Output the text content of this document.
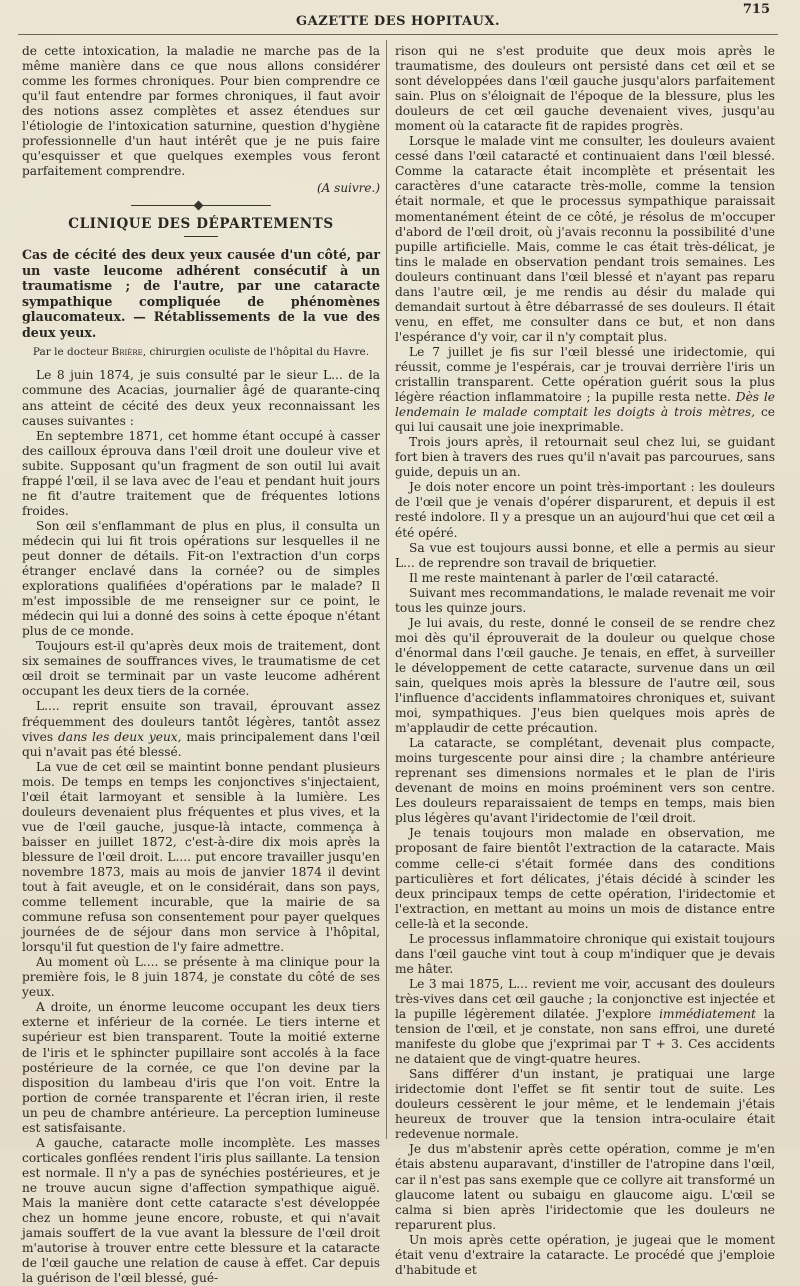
GAZETTE DES HOPITAUX.
715

de cette intoxication, la maladie ne marche pas de la même manière dans ce que nous allons considérer comme les formes chroniques. Pour bien comprendre ce qu'il faut entendre par formes chroniques, il faut avoir des notions assez complètes et assez étendues sur l'étiologie de l'intoxication saturnine, question d'hygiène professionnelle d'un haut intérêt que je ne puis faire qu'esquisser et que quelques exemples vous feront parfaitement comprendre.

(A suivre.)
CLINIQUE DES DÉPARTEMENTS
Cas de cécité des deux yeux causée d'un côté, par un vaste leucome adhérent consécutif à un traumatisme ; de l'autre, par une cataracte sympathique compliquée de phénomènes glaucomateux. — Rétablissements de la vue des deux yeux.
Par le docteur Brière, chirurgien oculiste de l'hôpital du Havre.

Le 8 juin 1874, je suis consulté par le sieur L... de la commune des Acacias, journalier âgé de quarante-cinq ans atteint de cécité des deux yeux reconnaissant les causes suivantes :

En septembre 1871, cet homme étant occupé à casser des cailloux éprouva dans l'œil droit une douleur vive et subite. Supposant qu'un fragment de son outil lui avait frappé l'œil, il se lava avec de l'eau et pendant huit jours ne fit d'autre traitement que de fréquentes lotions froides.

Son œil s'enflammant de plus en plus, il consulta un médecin qui lui fit trois opérations sur lesquelles il ne peut donner de détails. Fit-on l'extraction d'un corps étranger enclavé dans la cornée? ou de simples explorations qualifiées d'opérations par le malade? Il m'est impossible de me renseigner sur ce point, le médecin qui lui a donné des soins à cette époque n'étant plus de ce monde.

Toujours est-il qu'après deux mois de traitement, dont six semaines de souffrances vives, le traumatisme de cet œil droit se terminait par un vaste leucome adhérent occupant les deux tiers de la cornée.

L.... reprit ensuite son travail, éprouvant assez fréquemment des douleurs tantôt légères, tantôt assez vives dans les deux yeux, mais principalement dans l'œil qui n'avait pas été blessé.

La vue de cet œil se maintint bonne pendant plusieurs mois. De temps en temps les conjonctives s'injectaient, l'œil était larmoyant et sensible à la lumière. Les douleurs devenaient plus fréquentes et plus vives, et la vue de l'œil gauche, jusque-là intacte, commença à baisser en juillet 1872, c'est-à-dire dix mois après la blessure de l'œil droit. L.... put encore travailler jusqu'en novembre 1873, mais au mois de janvier 1874 il devint tout à fait aveugle, et on le considérait, dans son pays, comme tellement incurable, que la mairie de sa commune refusa son consentement pour payer quelques journées de de séjour dans mon service à l'hôpital, lorsqu'il fut question de l'y faire admettre.

Au moment où L.... se présente à ma clinique pour la première fois, le 8 juin 1874, je constate du côté de ses yeux.

A droite, un énorme leucome occupant les deux tiers externe et inférieur de la cornée. Le tiers interne et supérieur est bien transparent. Toute la moitié externe de l'iris et le sphincter pupillaire sont accolés à la face postérieure de la cornée, ce que l'on devine par la disposition du lambeau d'iris que l'on voit. Entre la portion de cornée transparente et l'écran irien, il reste un peu de chambre antérieure. La perception lumineuse est satisfaisante.

A gauche, cataracte molle incomplète. Les masses corticales gonflées rendent l'iris plus saillante. La tension est normale. Il n'y a pas de synéchies postérieures, et je ne trouve aucun signe d'affection sympathique aiguë. Mais la manière dont cette cataracte s'est développée chez un homme jeune encore, robuste, et qui n'avait jamais souffert de la vue avant la blessure de l'œil droit m'autorise à trouver entre cette blessure et la cataracte de l'œil gauche une relation de cause à effet. Car depuis la guérison de l'œil blessé, gué-

rison qui ne s'est produite que deux mois après le traumatisme, des douleurs ont persisté dans cet œil et se sont développées dans l'œil gauche jusqu'alors parfaitement sain. Plus on s'éloignait de l'époque de la blessure, plus les douleurs de cet œil gauche devenaient vives, jusqu'au moment où la cataracte fit de rapides progrès.

Lorsque le malade vint me consulter, les douleurs avaient cessé dans l'œil cataracté et continuaient dans l'œil blessé. Comme la cataracte était incomplète et présentait les caractères d'une cataracte très-molle, comme la tension était normale, et que le processus sympathique paraissait momentanément éteint de ce côté, je résolus de m'occuper d'abord de l'œil droit, où j'avais reconnu la possibilité d'une pupille artificielle. Mais, comme le cas était très-délicat, je tins le malade en observation pendant trois semaines. Les douleurs continuant dans l'œil blessé et n'ayant pas reparu dans l'autre œil, je me rendis au désir du malade qui demandait surtout à être débarrassé de ses douleurs. Il était venu, en effet, me consulter dans ce but, et non dans l'espérance d'y voir, car il n'y comptait plus.

Le 7 juillet je fis sur l'œil blessé une iridectomie, qui réussit, comme je l'espérais, car je trouvai derrière l'iris un cristallin transparent. Cette opération guérit sous la plus légère réaction inflammatoire ; la pupille resta nette. Dès le lendemain le malade comptait les doigts à trois mètres, ce qui lui causait une joie inexprimable.

Trois jours après, il retournait seul chez lui, se guidant fort bien à travers des rues qu'il n'avait pas parcourues, sans guide, depuis un an.

Je dois noter encore un point très-important : les douleurs de l'œil que je venais d'opérer disparurent, et depuis il est resté indolore. Il y a presque un an aujourd'hui que cet œil a été opéré.

Sa vue est toujours aussi bonne, et elle a permis au sieur L... de reprendre son travail de briquetier.

Il me reste maintenant à parler de l'œil cataracté.

Suivant mes recommandations, le malade revenait me voir tous les quinze jours.

Je lui avais, du reste, donné le conseil de se rendre chez moi dès qu'il éprouverait de la douleur ou quelque chose d'énormal dans l'œil gauche. Je tenais, en effet, à surveiller le développement de cette cataracte, survenue dans un œil sain, quelques mois après la blessure de l'autre œil, sous l'influence d'accidents inflammatoires chroniques et, suivant moi, sympathiques. J'eus bien quelques mois après de m'applaudir de cette précaution.

La cataracte, se complétant, devenait plus compacte, moins turgescente pour ainsi dire ; la chambre antérieure reprenant ses dimensions normales et le plan de l'iris devenant de moins en moins proéminent vers son centre. Les douleurs reparaissaient de temps en temps, mais bien plus légères qu'avant l'iridectomie de l'œil droit.

Je tenais toujours mon malade en observation, me proposant de faire bientôt l'extraction de la cataracte. Mais comme celle-ci s'était formée dans des conditions particulières et fort délicates, j'étais décidé à scinder les deux principaux temps de cette opération, l'iridectomie et l'extraction, en mettant au moins un mois de distance entre celle-là et la seconde.

Le processus inflammatoire chronique qui existait toujours dans l'œil gauche vint tout à coup m'indiquer que je devais me hâter.

Le 3 mai 1875, L... revient me voir, accusant des douleurs très-vives dans cet œil gauche ; la conjonctive est injectée et la pupille légèrement dilatée. J'explore immédiatement la tension de l'œil, et je constate, non sans effroi, une dureté manifeste du globe que j'exprimai par T + 3. Ces accidents ne dataient que de vingt-quatre heures.

Sans différer d'un instant, je pratiquai une large iridectomie dont l'effet se fit sentir tout de suite. Les douleurs cessèrent le jour même, et le lendemain j'étais heureux de trouver que la tension intra-oculaire était redevenue normale.

Je dus m'abstenir après cette opération, comme je m'en étais abstenu auparavant, d'instiller de l'atropine dans l'œil, car il n'est pas sans exemple que ce collyre ait transformé un glaucome latent ou subaigu en glaucome aigu. L'œil se calma si bien après l'iridectomie que les douleurs ne reparurent plus.

Un mois après cette opération, je jugeai que le moment était venu d'extraire la cataracte. Le procédé que j'emploie d'habitude et
